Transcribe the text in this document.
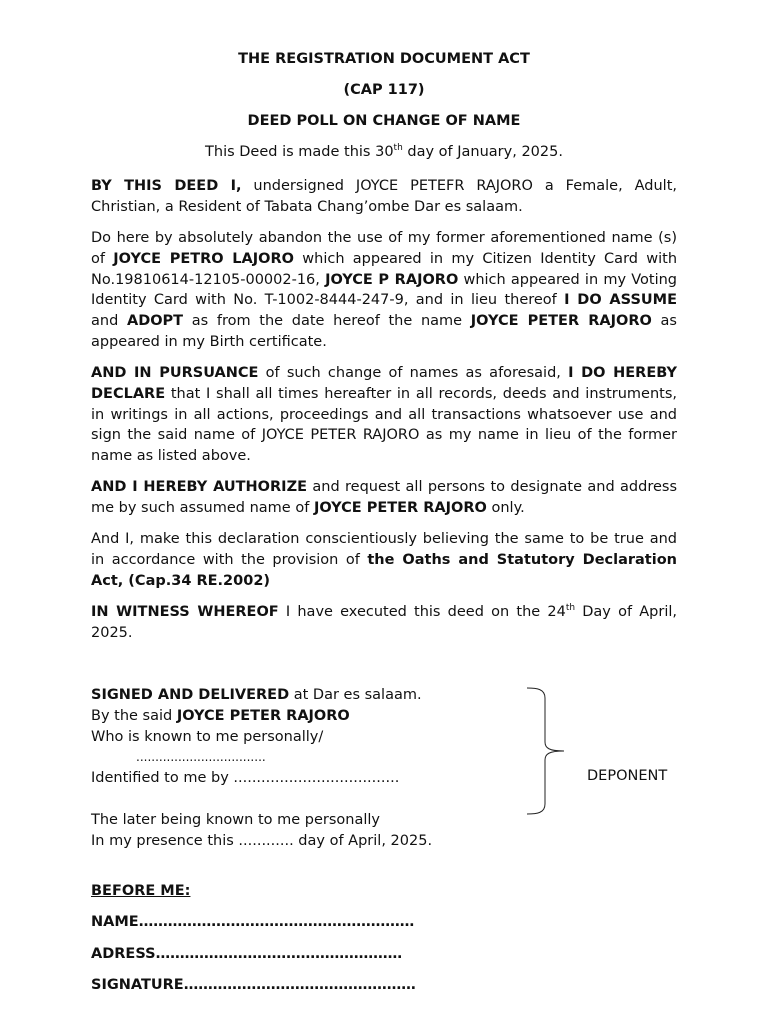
THE REGISTRATION DOCUMENT ACT
(CAP 117)
DEED POLL ON CHANGE OF NAME
This Deed is made this 30th day of January, 2025.

BY THIS DEED I, undersigned JOYCE PETEFR RAJORO a Female, Adult, Christian, a Resident of Tabata Chang’ombe Dar es salaam.

Do here by absolutely abandon the use of my former aforementioned name (s) of JOYCE PETRO LAJORO which appeared in my Citizen Identity Card with No.19810614-12105-00002-16, JOYCE P RAJORO which appeared in my Voting Identity Card with No. T-1002-8444-247-9, and in lieu thereof I DO ASSUME and ADOPT as from the date hereof the name JOYCE PETER RAJORO as appeared in my Birth certificate.

AND IN PURSUANCE of such change of names as aforesaid, I DO HEREBY DECLARE that I shall all times hereafter in all records, deeds and instruments, in writings in all actions, proceedings and all transactions whatsoever use and sign the said name of JOYCE PETER RAJORO as my name in lieu of the former name as listed above.

AND I HEREBY AUTHORIZE and request all persons to designate and address me by such assumed name of JOYCE PETER RAJORO only.

And I, make this declaration conscientiously believing the same to be true and in accordance with the provision of the Oaths and Statutory Declaration Act, (Cap.34 RE.2002)

IN WITNESS WHEREOF I have executed this deed on the 24th Day of April, 2025.

SIGNED AND DELIVERED at Dar es salaam.
By the said JOYCE PETER RAJORO
Who is known to me personally/
..................................
Identified to me by ....................................
The later being known to me personally
In my presence this ............ day of April, 2025.
DEPONENT
BEFORE ME:
NAME…………………………………………………
ADRESS……………………………………………
SIGNATURE…………………………………………
